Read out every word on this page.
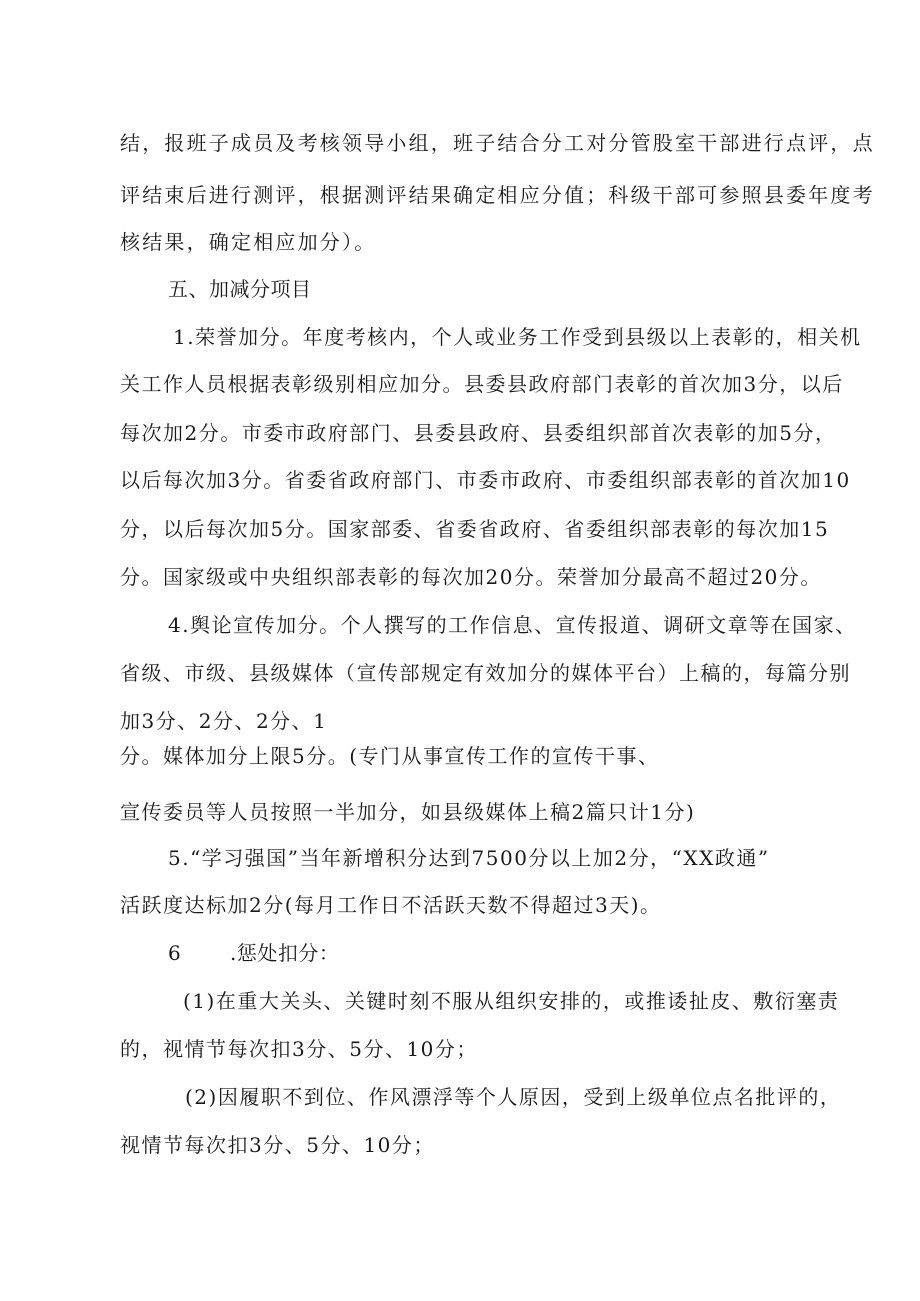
结，报班子成员及考核领导小组，班子结合分工对分管股室干部进行点评，点
评结束后进行测评，根据测评结果确定相应分值；科级干部可参照县委年度考
核结果，确定相应加分）。
五、加减分项目
1.荣誉加分。年度考核内，个人或业务工作受到县级以上表彰的，相关机
关工作人员根据表彰级别相应加分。县委县政府部门表彰的首次加3分，以后
每次加2分。市委市政府部门、县委县政府、县委组织部首次表彰的加5分，
以后每次加3分。省委省政府部门、市委市政府、市委组织部表彰的首次加10
分，以后每次加5分。国家部委、省委省政府、省委组织部表彰的每次加15
分。国家级或中央组织部表彰的每次加20分。荣誉加分最高不超过20分。
4.舆论宣传加分。个人撰写的工作信息、宣传报道、调研文章等在国家、
省级、市级、县级媒体（宣传部规定有效加分的媒体平台）上稿的，每篇分别
加3分、2分、2分、1
分。媒体加分上限5分。(专门从事宣传工作的宣传干事、
宣传委员等人员按照一半加分，如县级媒体上稿2篇只计1分)
5.“学习强国”当年新增积分达到7500分以上加2分，“XX政通”
活跃度达标加2分(每月工作日不活跃天数不得超过3天)。
6	.惩处扣分：
(1)在重大关头、关键时刻不服从组织安排的，或推诿扯皮、敷衍塞责
的，视情节每次扣3分、5分、10分；
(2)因履职不到位、作风漂浮等个人原因，受到上级单位点名批评的，
视情节每次扣3分、5分、10分；
